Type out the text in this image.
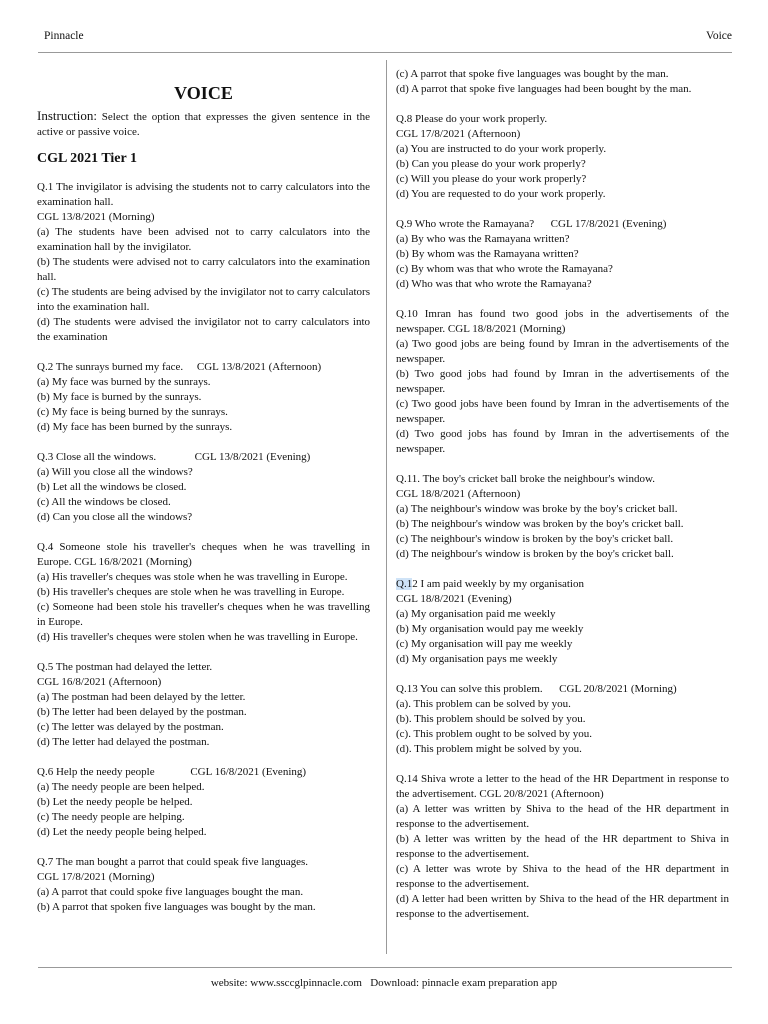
Pinnacle	Voice
VOICE
Instruction: Select the option that expresses the given sentence in the active or passive voice.
CGL 2021 Tier 1
Q.1 The invigilator is advising the students not to carry calculators into the examination hall.
CGL 13/8/2021 (Morning)
(a) The students have been advised not to carry calculators into the examination hall by the invigilator.
(b) The students were advised not to carry calculators into the examination hall.
(c) The students are being advised by the invigilator not to carry calculators into the examination hall.
(d) The students were advised the invigilator not to carry calculators into the examination
Q.2 The sunrays burned my face.     CGL 13/8/2021 (Afternoon)
(a) My face was burned by the sunrays.
(b) My face is burned by the sunrays.
(c) My face is being burned by the sunrays.
(d) My face has been burned by the sunrays.
Q.3 Close all the windows.              CGL 13/8/2021 (Evening)
(a) Will you close all the windows?
(b) Let all the windows be closed.
(c) All the windows be closed.
(d) Can you close all the windows?
Q.4 Someone stole his traveller's cheques when he was travelling in Europe. CGL 16/8/2021 (Morning)
(a) His traveller's cheques was stole when he was travelling in Europe.
(b) His traveller's cheques are stole when he was travelling in Europe.
(c) Someone had been stole his traveller's cheques when he was travelling in Europe.
(d) His traveller's cheques were stolen when he was travelling in Europe.
Q.5 The postman had delayed the letter.
CGL 16/8/2021 (Afternoon)
(a) The postman had been delayed by the letter.
(b) The letter had been delayed by the postman.
(c) The letter was delayed by the postman.
(d) The letter had delayed the postman.
Q.6 Help the needy people             CGL 16/8/2021 (Evening)
(a) The needy people are been helped.
(b) Let the needy people be helped.
(c) The needy people are helping.
(d) Let the needy people being helped.
Q.7 The man bought a parrot that could speak five languages.
CGL 17/8/2021 (Morning)
(a) A parrot that could spoke five languages bought the man.
(b) A parrot that spoken five languages was bought by the man.
(c) A parrot that spoke five languages was bought by the man.
(d) A parrot that spoke five languages had been bought by the man.
Q.8 Please do your work properly.
CGL 17/8/2021 (Afternoon)
(a) You are instructed to do your work properly.
(b) Can you please do your work properly?
(c) Will you please do your work properly?
(d) You are requested to do your work properly.
Q.9 Who wrote the Ramayana?      CGL 17/8/2021 (Evening)
(a) By who was the Ramayana written?
(b) By whom was the Ramayana written?
(c) By whom was that who wrote the Ramayana?
(d) Who was that who wrote the Ramayana?
Q.10 Imran has found two good jobs in the advertisements of the newspaper. CGL 18/8/2021 (Morning)
(a) Two good jobs are being found by Imran in the advertisements of the newspaper.
(b) Two good jobs had found by Imran in the advertisements of the newspaper.
(c) Two good jobs have been found by Imran in the advertisements of the newspaper.
(d) Two good jobs has found by Imran in the advertisements of the newspaper.
Q.11. The boy's cricket ball broke the neighbour's window.
CGL 18/8/2021 (Afternoon)
(a) The neighbour's window was broke by the boy's cricket ball.
(b) The neighbour's window was broken by the boy's cricket ball.
(c) The neighbour's window is broken by the boy's cricket ball.
(d) The neighbour's window is broken by the boy's cricket ball.
Q.12 I am paid weekly by my organisation
CGL 18/8/2021 (Evening)
(a) My organisation paid me weekly
(b) My organisation would pay me weekly
(c) My organisation will pay me weekly
(d) My organisation pays me weekly
Q.13 You can solve this problem.      CGL 20/8/2021 (Morning)
(a). This problem can be solved by you.
(b). This problem should be solved by you.
(c). This problem ought to be solved by you.
(d). This problem might be solved by you.
Q.14 Shiva wrote a letter to the head of the HR Department in response to the advertisement. CGL 20/8/2021 (Afternoon)
(a) A letter was written by Shiva to the head of the HR department in response to the advertisement.
(b) A letter was written by the head of the HR department to Shiva in response to the advertisement.
(c) A letter was wrote by Shiva to the head of the HR department in response to the advertisement.
(d) A letter had been written by Shiva to the head of the HR department in response to the advertisement.
website: www.ssccglpinnacle.com   Download: pinnacle exam preparation app
